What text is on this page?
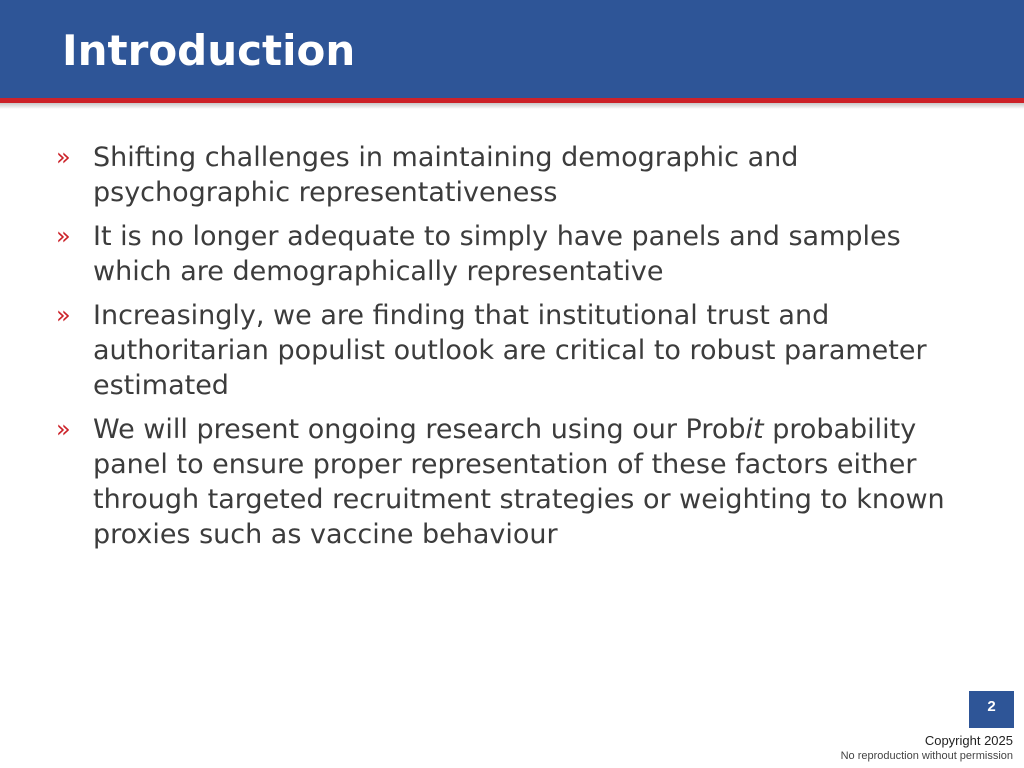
Introduction
» Shifting challenges in maintaining demographic and psychographic representativeness
» It is no longer adequate to simply have panels and samples which are demographically representative
» Increasingly, we are finding that institutional trust and authoritarian populist outlook are critical to robust parameter estimated
» We will present ongoing research using our Probit probability panel to ensure proper representation of these factors either through targeted recruitment strategies or weighting to known proxies such as vaccine behaviour
2
Copyright 2025
No reproduction without permission
